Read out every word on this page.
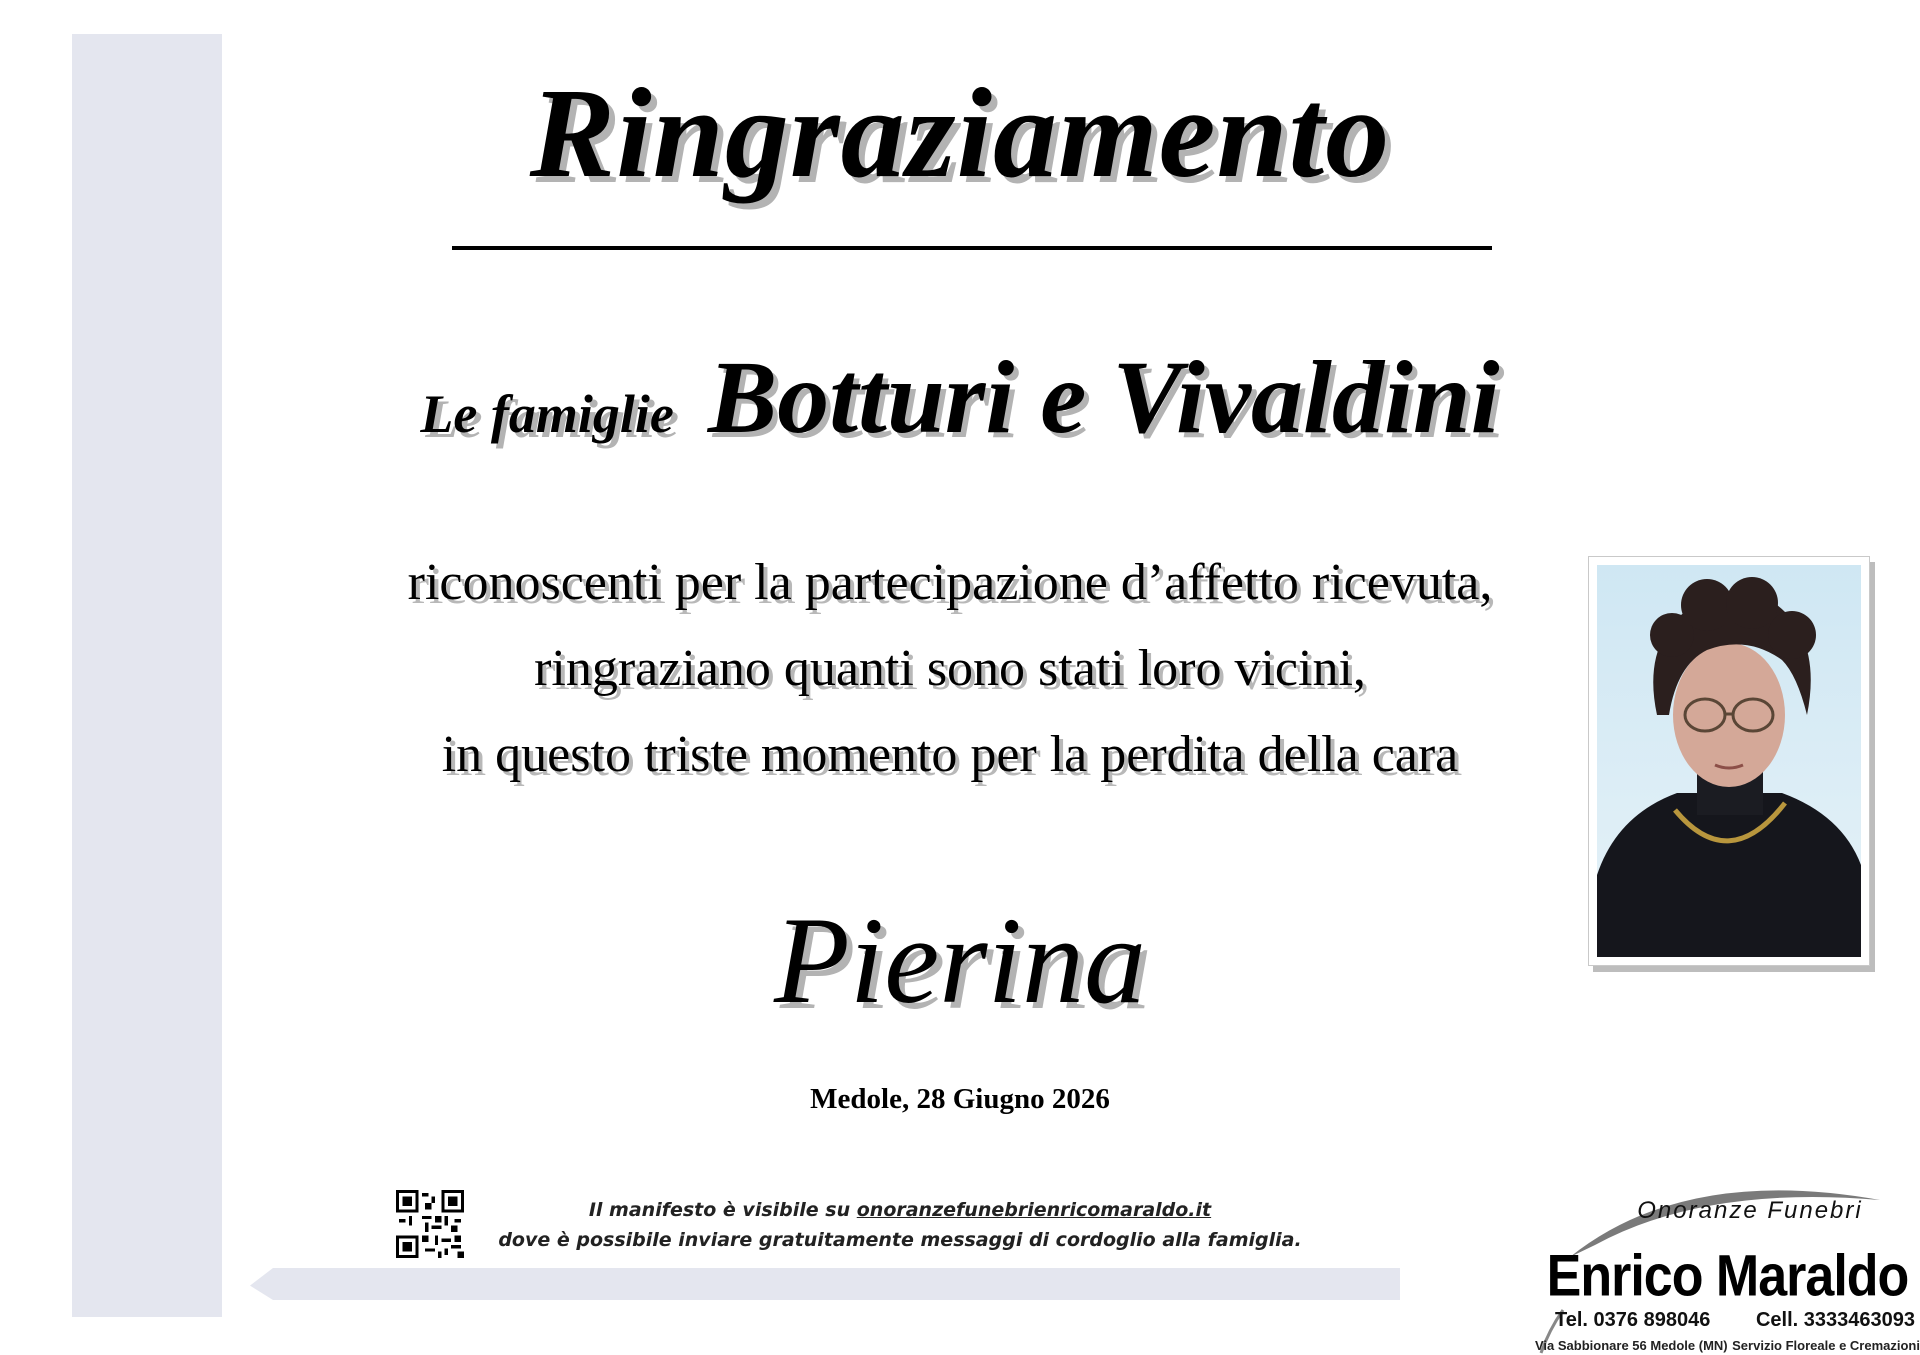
Ringraziamento
Le famiglie Botturi e Vivaldini
riconoscenti per la partecipazione d’affetto ricevuta,
ringraziano quanti sono stati loro vicini,
in questo triste momento per la perdita della cara
Pierina
Medole, 28 Giugno 2026
Il manifesto è visibile su onoranzefunebrienricomaraldo.it
dove è possibile inviare gratuitamente messaggi di cordoglio alla famiglia.
Onoranze Funebri
Enrico Maraldo
Tel. 0376 898046 Cell. 3333463093
Via Sabbionare 56 Medole (MN) Servizio Floreale e Cremazioni
